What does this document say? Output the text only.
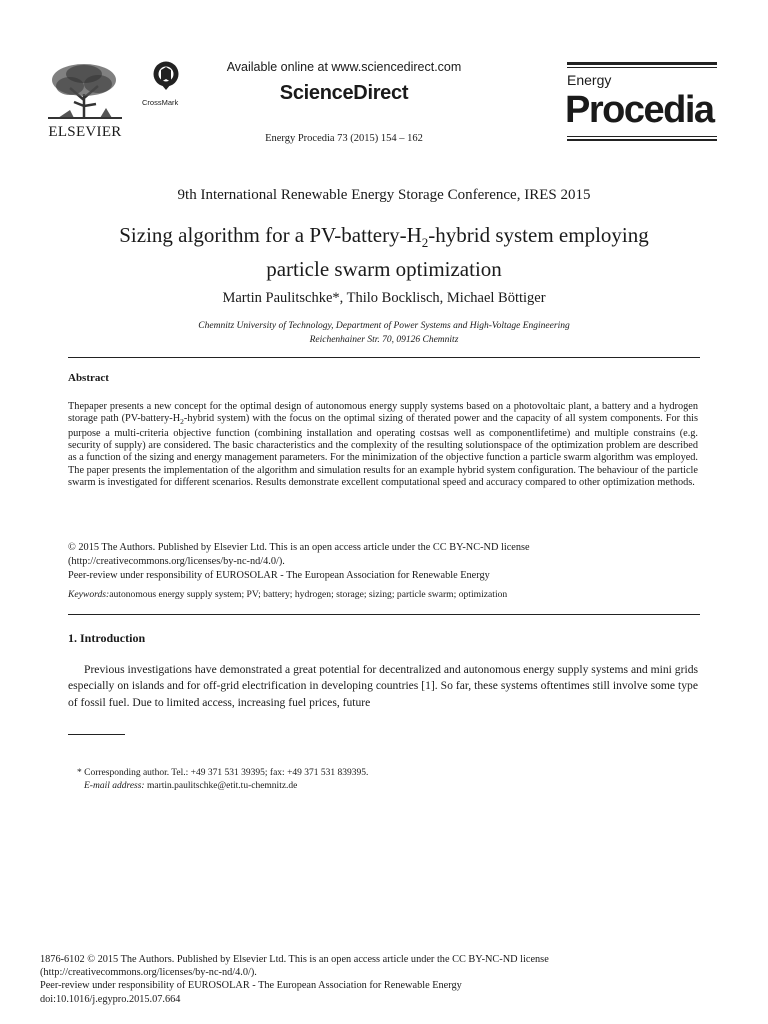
ELSEVIER
CrossMark
Available online at www.sciencedirect.com
ScienceDirect
Energy Procedia 73 (2015) 154 – 162
Energy
Procedia
9th International Renewable Energy Storage Conference, IRES 2015
Sizing algorithm for a $PV-battery-H_2$-hybrid system employing
particle swarm optimization
Martin Paulitschke*, Thilo Bocklisch, Michael Böttiger
Chemnitz University of Technology, Department of Power Systems and High-Voltage Engineering
Reichenhainer Str. 70, 09126 Chemnitz
Abstract
Thepaper presents a new concept for the optimal design of autonomous energy supply systems based on a photovoltaic plant, a battery and a hydrogen storage path ($PV-battery-H_2$-hybrid system) with the focus on the optimal sizing of therated power and the capacity of all system components. For this purpose a multi-criteria objective function (combining installation and operating costsas well as componentlifetime) and multiple constrains (e.g. security of supply) are considered. The basic characteristics and the complexity of the resulting solutionspace of the optimization problem are described as a function of the sizing and energy management parameters. For the minimization of the objective function a particle swarm algorithm was employed. The paper presents the implementation of the algorithm and simulation results for an example hybrid system configuration. The behaviour of the particle swarm is investigated for different scenarios. Results demonstrate excellent computational speed and accuracy compared to other optimization methods.
© 2015 The Authors. Published by Elsevier Ltd. This is an open access article under the CC BY-NC-ND license
(http://creativecommons.org/licenses/by-nc-nd/4.0/).
Peer-review under responsibility of EUROSOLAR - The European Association for Renewable Energy
Keywords:autonomous energy supply system; PV; battery; hydrogen; storage; sizing; particle swarm; optimization
1. Introduction
Previous investigations have demonstrated a great potential for decentralized and autonomous energy supply systems and mini grids especially on islands and for off-grid electrification in developing countries [1]. So far, these systems oftentimes still involve some type of fossil fuel. Due to limited access, increasing fuel prices, future
* Corresponding author. Tel.: +49 371 531 39395; fax: +49 371 531 839395.
E-mail address: martin.paulitschke@etit.tu-chemnitz.de
1876-6102 © 2015 The Authors. Published by Elsevier Ltd. This is an open access article under the CC BY-NC-ND license
(http://creativecommons.org/licenses/by-nc-nd/4.0/).
Peer-review under responsibility of EUROSOLAR - The European Association for Renewable Energy
doi:10.1016/j.egypro.2015.07.664
